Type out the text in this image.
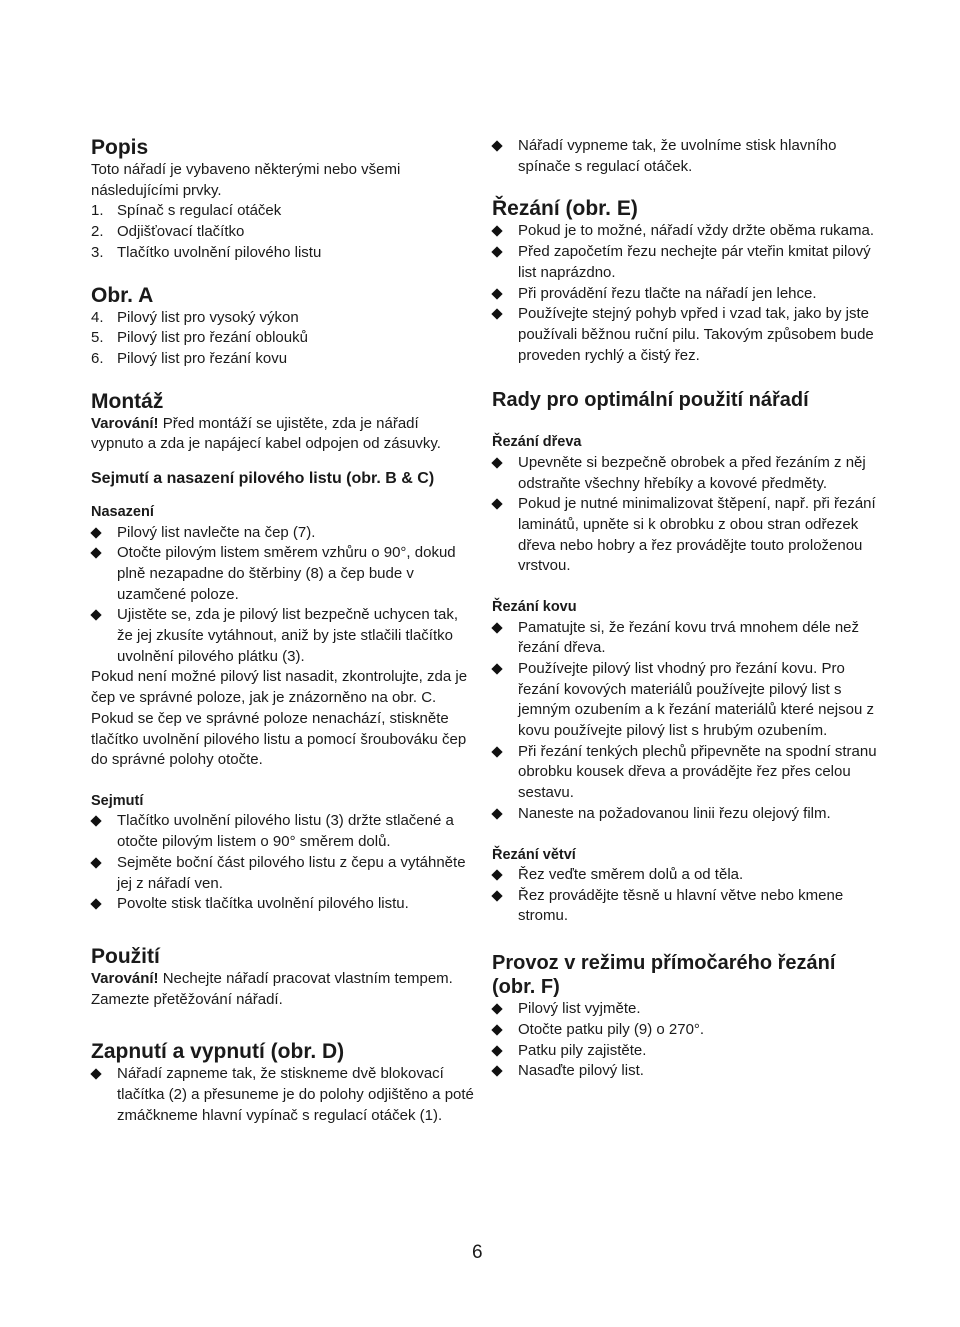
Popis

Toto nářadí je vybaveno některými nebo všemi následujícími prvky.

1. Spínač s regulací otáček
2. Odjišťovací tlačítko
3. Tlačítko uvolnění pilového listu
Obr. A
4. Pilový list pro vysoký výkon
5. Pilový list pro řezání oblouků
6. Pilový list pro řezání kovu
Montáž

Varování! Před montáží se ujistěte, zda je nářadí vypnuto a zda je napájecí kabel odpojen od zásuvky.

Sejmutí a nasazení pilového listu (obr. B & C)
Nasazení
Pilový list navlečte na čep (7).
Otočte pilovým listem směrem vzhůru o 90°, dokud plně nezapadne do štěrbiny (8) a čep bude v uzamčené poloze.
Ujistěte se, zda je pilový list bezpečně uchycen tak, že jej zkusíte vytáhnout, aniž by jste stlačili tlačítko uvolnění pilového plátku (3).

Pokud není možné pilový list nasadit, zkontrolujte, zda je čep ve správné poloze, jak je znázorněno na obr. C. Pokud se čep ve správné poloze nenachází, stiskněte tlačítko uvolnění pilového listu a pomocí šroubováku čep do správné polohy otočte.

Sejmutí
Tlačítko uvolnění pilového listu (3) držte stlačené a otočte pilovým listem o 90° směrem dolů.
Sejměte boční část pilového listu z čepu a vytáhněte jej z nářadí ven.
Povolte stisk tlačítka uvolnění pilového listu.
Použití

Varování! Nechejte nářadí pracovat vlastním tempem. Zamezte přetěžování nářadí.

Zapnutí a vypnutí (obr. D)
Nářadí zapneme tak, že stiskneme dvě blokovací tlačítka (2) a přesuneme je do polohy odjištěno a poté zmáčkneme hlavní vypínač s regulací otáček (1).
Nářadí vypneme tak, že uvolníme stisk hlavního spínače s regulací otáček.
Řezání (obr. E)
Pokud je to možné, nářadí vždy držte oběma rukama.
Před započetím řezu nechejte pár vteřin kmitat pilový list naprázdno.
Při provádění řezu tlačte na nářadí jen lehce.
Používejte stejný pohyb vpřed i vzad tak, jako by jste používali běžnou ruční pilu. Takovým způsobem bude proveden rychlý a čistý řez.
Rady pro optimální použití nářadí
Řezání dřeva
Upevněte si bezpečně obrobek a před řezáním z něj odstraňte všechny hřebíky a kovové předměty.
Pokud je nutné minimalizovat štěpení, např. při řezání laminátů, upněte si k obrobku z obou stran odřezek dřeva nebo hobry a řez provádějte touto proloženou vrstvou.
Řezání kovu
Pamatujte si, že řezání kovu trvá mnohem déle než řezání dřeva.
Používejte pilový list vhodný pro řezání kovu. Pro řezání kovových materiálů používejte pilový list s jemným ozubením a k řezání materiálů které nejsou z kovu používejte pilový list s hrubým ozubením.
Při řezání tenkých plechů připevněte na spodní stranu obrobku kousek dřeva a provádějte řez přes celou sestavu.
Naneste na požadovanou linii řezu olejový film.
Řezání větví
Řez veďte směrem dolů a od těla.
Řez provádějte těsně u hlavní větve nebo kmene stromu.
Provoz v režimu přímočarého řezání (obr. F)
Pilový list vyjměte.
Otočte patku pily (9) o 270°.
Patku pily zajistěte.
Nasaďte pilový list.
6
